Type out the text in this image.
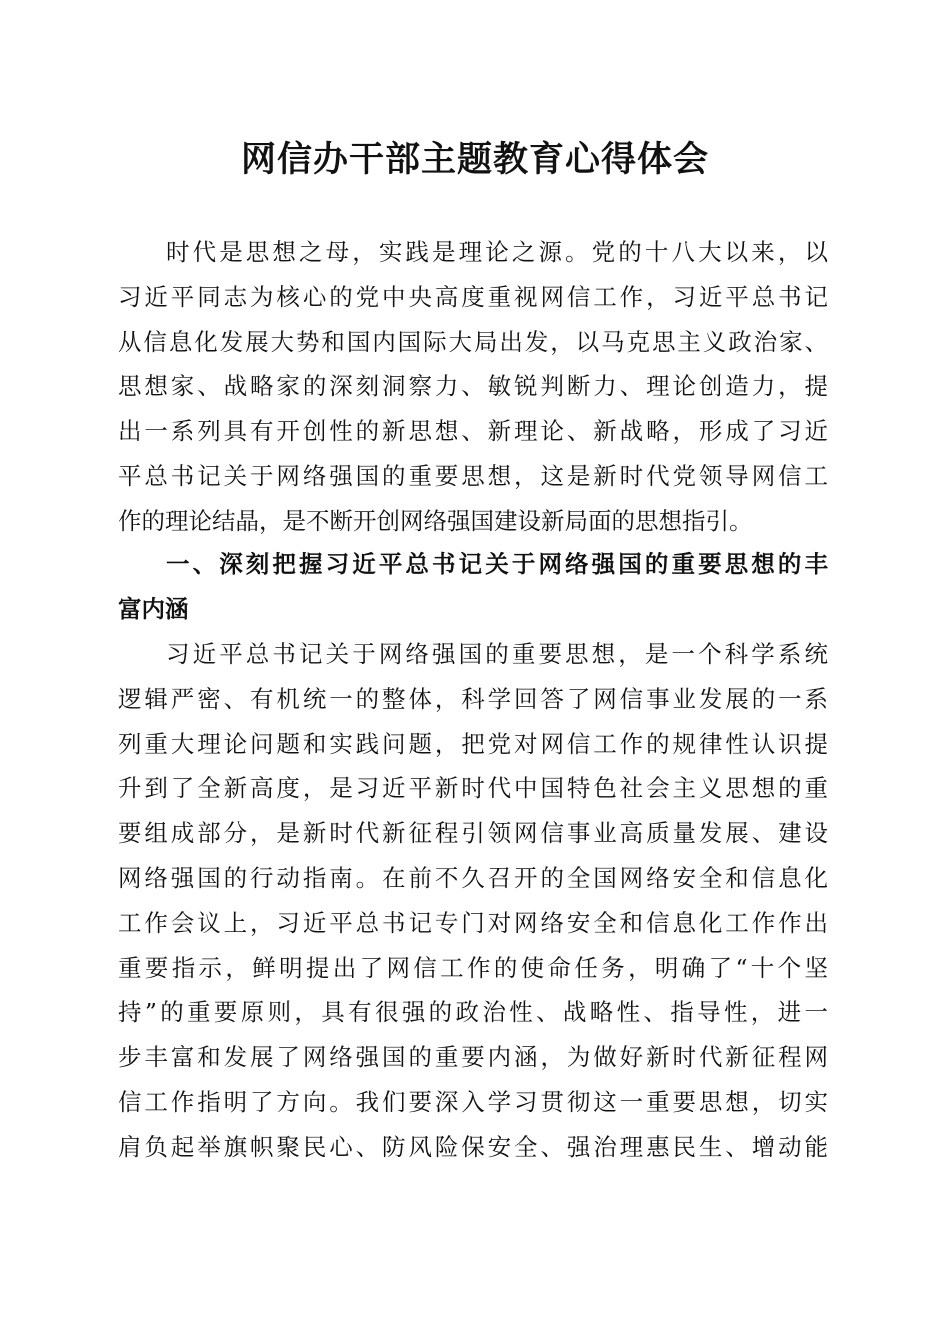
网信办干部主题教育心得体会
时代是思想之母，实践是理论之源。党的十八大以来，以
习近平同志为核心的党中央高度重视网信工作，习近平总书记
从信息化发展大势和国内国际大局出发，以马克思主义政治家、
思想家、战略家的深刻洞察力、敏锐判断力、理论创造力，提
出一系列具有开创性的新思想、新理论、新战略，形成了习近
平总书记关于网络强国的重要思想，这是新时代党领导网信工
作的理论结晶，是不断开创网络强国建设新局面的思想指引。
一、深刻把握习近平总书记关于网络强国的重要思想的丰
富内涵
习近平总书记关于网络强国的重要思想，是一个科学系统
逻辑严密、有机统一的整体，科学回答了网信事业发展的一系
列重大理论问题和实践问题，把党对网信工作的规律性认识提
升到了全新高度，是习近平新时代中国特色社会主义思想的重
要组成部分，是新时代新征程引领网信事业高质量发展、建设
网络强国的行动指南。在前不久召开的全国网络安全和信息化
工作会议上，习近平总书记专门对网络安全和信息化工作作出
重要指示，鲜明提出了网信工作的使命任务，明确了“十个坚
持”的重要原则，具有很强的政治性、战略性、指导性，进一
步丰富和发展了网络强国的重要内涵，为做好新时代新征程网
信工作指明了方向。我们要深入学习贯彻这一重要思想，切实
肩负起举旗帜聚民心、防风险保安全、强治理惠民生、增动能
